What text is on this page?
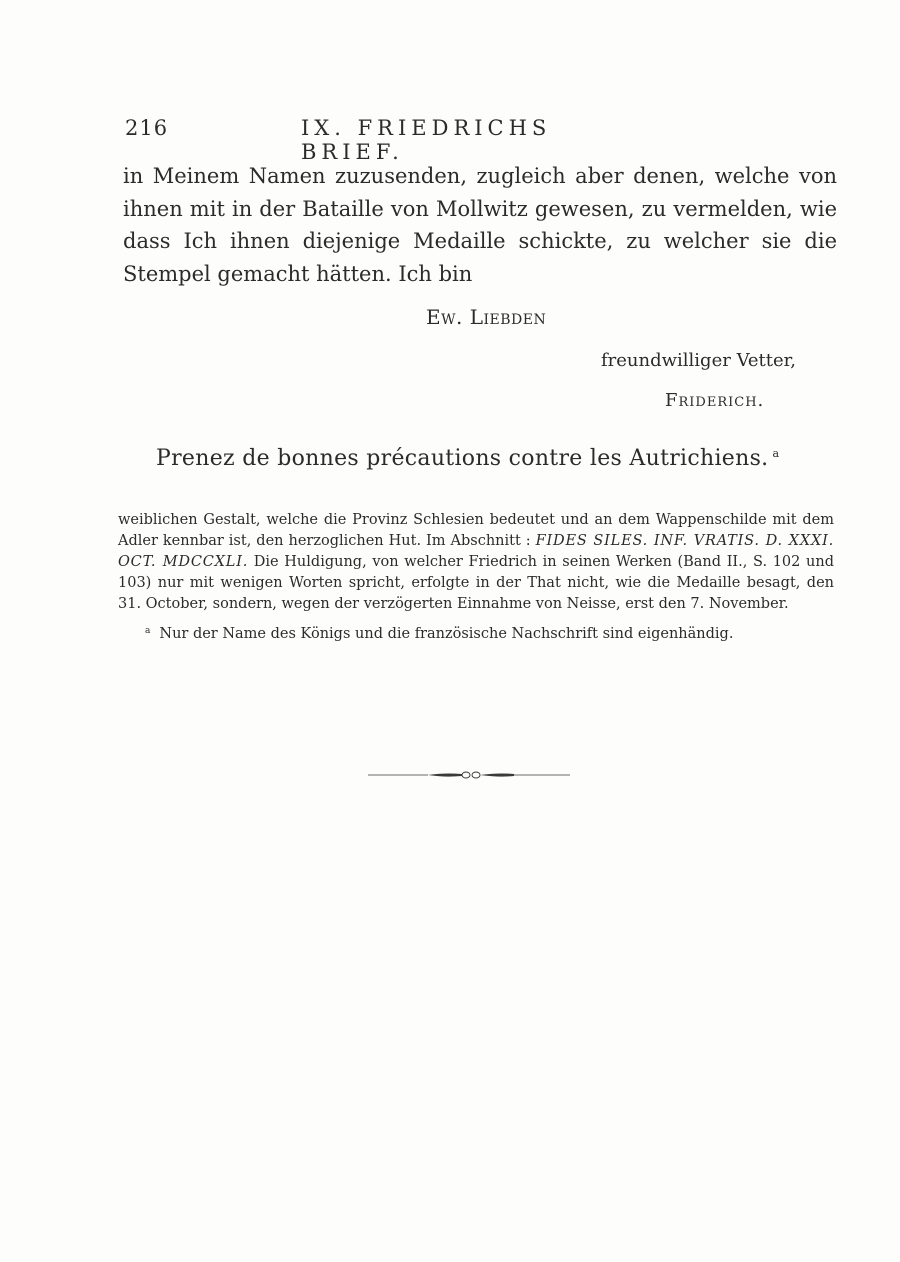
216	IX. FRIEDRICHS BRIEF.

in Meinem Namen zuzusenden, zugleich aber denen, welche von ihnen mit in der Bataille von Mollwitz gewesen, zu vermelden, wie dass Ich ihnen diejenige Medaille schickte, zu welcher sie die Stempel gemacht hätten. Ich bin

Ew. Liebden
freundwilliger Vetter,
Friderich.
Prenez de bonnes précautions contre les Autrichiens. $^a$

weiblichen Gestalt, welche die Provinz Schlesien bedeutet und an dem Wappenschilde mit dem Adler kennbar ist, den herzoglichen Hut. Im Abschnitt : FIDES SILES. INF. VRATIS. D. XXXI. OCT. MDCCXLI. Die Huldigung, von welcher Friedrich in seinen Werken (Band II., S. 102 und 103) nur mit wenigen Worten spricht, erfolgte in der That nicht, wie die Medaille besagt, den 31. October, sondern, wegen der verzögerten Einnahme von Neisse, erst den 7. November.

$^a$ Nur der Name des Königs und die französische Nachschrift sind eigenhändig.
